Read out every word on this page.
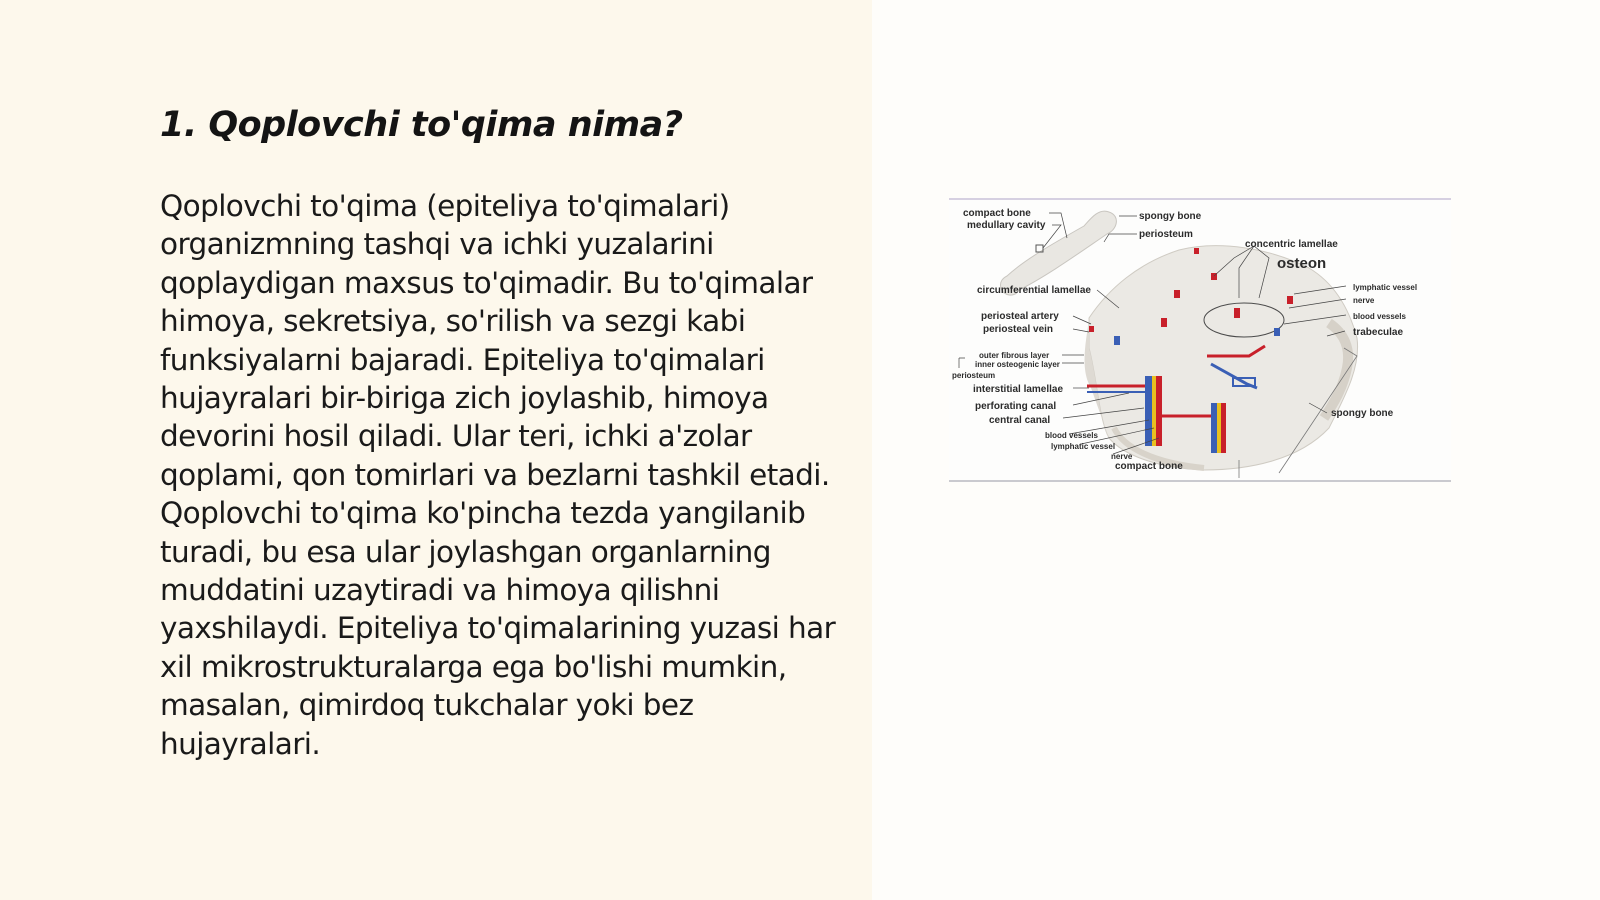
1. Qoplovchi to'qima nima?

Qoplovchi to'qima (epiteliya to'qimalari) organizmning tashqi va ichki yuzalarini qoplaydigan maxsus to'qimadir. Bu to'qimalar himoya, sekretsiya, so'rilish va sezgi kabi funksiyalarni bajaradi. Epiteliya to'qimalari hujayralari bir-biriga zich joylashib, himoya devorini hosil qiladi. Ular teri, ichki a'zolar qoplami, qon tomirlari va bezlarni tashkil etadi. Qoplovchi to'qima ko'pincha tezda yangilanib turadi, bu esa ular joylashgan organlarning muddatini uzaytiradi va himoya qilishni yaxshilaydi. Epiteliya to'qimalarining yuzasi har xil mikrostrukturalarga ega bo'lishi mumkin, masalan, qimirdoq tukchalar yoki bez hujayralari.

compact bone
medullary cavity
spongy bone
periosteum
concentric lamellae
osteon
circumferential lamellae	lymphatic vessel
nerve
blood vessels
trabeculae
periosteal artery
periosteal vein
outer fibrous layer
inner osteogenic layer
periosteum
interstitial lamellae
perforating canal
central canal
blood vessels
lymphatic vessel
nerve
compact bone
spongy bone
